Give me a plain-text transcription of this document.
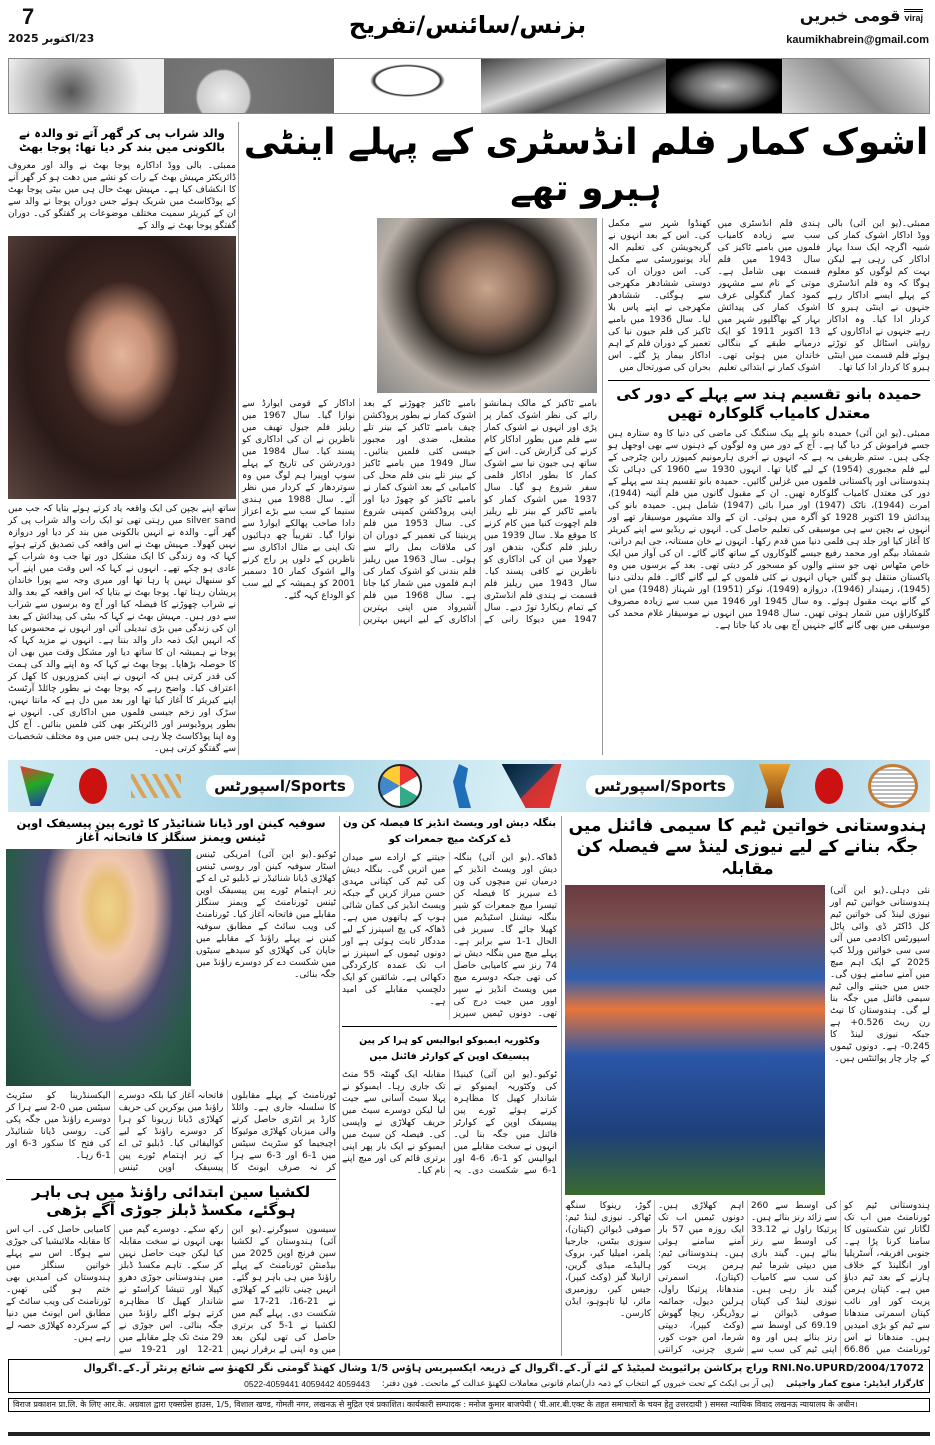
7
23/اکتوبر 2025	بزنس/سائنس/تفریح	قومی خبریں viraj
kaumikhabrein@gmail.com
والد شراب پی کر گھر آتے تو والدہ نے بالکونی میں بند کر دیا تھا: پوجا بھٹ
ممبئی۔ بالی ووڈ اداکارہ پوجا بھٹ نے والد اور معروف ڈائریکٹر مہیش بھٹ کے رات کو نشے میں دھت ہو کر گھر آنے کا انکشاف کیا ہے۔ مہیش بھٹ حال ہی میں بیٹی پوجا بھٹ کے پوڈکاسٹ میں شریک ہوئے جس دوران پوجا نے والد سے ان کے کیریئر سمیت مختلف موضوعات پر گفتگو کی۔ دوران گفتگو پوجا بھٹ نے والد کے
ساتھ اپنے بچپن کی ایک واقعہ یاد کرتے ہوئے بتایا کہ جب میں silver sand میں رہتی تھی تو ایک رات والد شراب پی کر گھر آئے۔ والدہ نے انہیں بالکونی میں بند کر دیا اور دروازہ نہیں کھولا۔ مہیش بھٹ نے اس واقعہ کی تصدیق کرتے ہوئے کہا کہ وہ زندگی کا ایک مشکل دور تھا جب وہ شراب کے عادی ہو چکے تھے۔ انہوں نے کہا کہ اس وقت میں اپنے آپ کو سنبھال نہیں پا رہا تھا اور میری وجہ سے پورا خاندان پریشان رہتا تھا۔ پوجا بھٹ نے بتایا کہ اس واقعہ کے بعد والد نے شراب چھوڑنے کا فیصلہ کیا اور آج وہ برسوں سے شراب سے دور ہیں۔ مہیش بھٹ نے کہا کہ بیٹی کی پیدائش کے بعد ان کی زندگی میں بڑی تبدیلی آئی اور انہوں نے محسوس کیا کہ انہیں ایک ذمہ دار والد بننا ہے۔ انہوں نے مزید کہا کہ پوجا نے ہمیشہ ان کا ساتھ دیا اور مشکل وقت میں بھی ان کا حوصلہ بڑھایا۔ پوجا بھٹ نے کہا کہ وہ اپنے والد کی ہمت کی قدر کرتی ہیں کہ انہوں نے اپنی کمزوریوں کا کھل کر اعتراف کیا۔ واضح رہے کہ پوجا بھٹ نے بطور چائلڈ آرٹسٹ اپنے کیریئر کا آغاز کیا تھا اور بعد میں دل ہے کہ مانتا نہیں، سڑک اور زخم جیسی فلموں میں اداکاری کی۔ انہوں نے بطور پروڈیوسر اور ڈائریکٹر بھی کئی فلمیں بنائیں۔ آج کل وہ اپنا پوڈکاسٹ چلا رہی ہیں جس میں وہ مختلف شخصیات سے گفتگو کرتی ہیں۔
اشوک کمار فلم انڈسٹری کے پہلے اینٹی ہیرو تھے
بامبے ٹاکیز کے مالک ہمانشو رائے کی نظر اشوک کمار پر پڑی اور انہوں نے اشوک کمار سے فلم میں بطور اداکار کام کرنے کی گزارش کی۔ اس کے ساتھ ہی جیون نیا سے اشوک کمار کا بطور اداکار فلمی سفر شروع ہو گیا۔ سال 1937 میں اشوک کمار کو بامبے ٹاکیز کے بینر تلے ریلیز فلم اچھوت کنیا میں کام کرنے کا موقع ملا۔ سال 1939 میں ریلیز فلم کنگن، بندھن اور جھولا میں ان کی اداکاری کو ناظرین نے کافی پسند کیا۔ سال 1943 میں ریلیز فلم قسمت نے ہندی فلم انڈسٹری کے تمام ریکارڈ توڑ دیے۔ سال 1947 میں دیوکا رانی کے بامبے ٹاکیز چھوڑنے کے بعد اشوک کمار نے بطور پروڈکشن چیف بامبے ٹاکیز کے بینر تلے مشعل، ضدی اور مجبور جیسی کئی فلمیں بنائیں۔ سال 1949 میں بامبے ٹاکیز کے بینر تلے بنی فلم محل کی کامیابی کے بعد اشوک کمار نے بامبے ٹاکیز کو چھوڑ دیا اور اپنی پروڈکشن کمپنی شروع کی۔ سال 1953 میں فلم پرینیتا کی تعمیر کے دوران ان کی ملاقات بمل رائے سے ہوئی۔ سال 1963 میں ریلیز فلم بندنی کو اشوک کمار کی اہم فلموں میں شمار کیا جاتا ہے۔ سال 1968 میں فلم آشیرواد میں اپنی بہترین اداکاری کے لیے انہیں بہترین اداکار کے قومی ایوارڈ سے نوازا گیا۔ سال 1967 میں ریلیز فلم جیول تھیف میں ناظرین نے ان کی اداکاری کو پسند کیا۔ سال 1984 میں دوردرشن کی تاریخ کے پہلے سوپ اوپیرا ہم لوگ میں وہ سوتردھار کے کردار میں نظر آئے۔ سال 1988 میں ہندی سنیما کے سب سے بڑے اعزاز دادا صاحب پھالکے ایوارڈ سے نوازا گیا۔ تقریباً چھ دہائیوں تک اپنی بے مثال اداکاری سے ناظرین کے دلوں پر راج کرنے والے اشوک کمار 10 دسمبر 2001 کو ہمیشہ کے لیے سب کو الوداع کہہ گئے۔
ممبئی۔(یو این آئی) بالی ووڈ اداکار اشوک کمار کی شبیہ اگرچہ ایک سدا بہار اداکار کی رہی ہے لیکن بہت کم لوگوں کو معلوم ہوگا کہ وہ فلم انڈسٹری کے پہلے ایسے اداکار رہے جنہوں نے اینٹی ہیرو کا کردار ادا کیا۔ وہ اداکار رہے جنہوں نے اداکاروں کے روایتی اسٹائل کو توڑتے ہوئے فلم قسمت میں اینٹی ہیرو کا کردار ادا کیا تھا۔
ہندی فلم انڈسٹری میں سب سے زیادہ کامیاب فلموں میں بامبے ٹاکیز کی سال 1943 میں فلم قسمت بھی شامل ہے۔ موتی کے نام سے مشہور کمود کمار گنگولی عرف اشوک کمار کی پیدائش بہار کے بھاگلپور شہر میں 13 اکتوبر 1911 کو ایک درمیانے طبقے کے بنگالی خاندان میں ہوئی تھی۔ اشوک کمار نے ابتدائی تعلیم
کھنڈوا شہر سے مکمل کی۔ اس کے بعد انہوں نے گریجویشن کی تعلیم الہ آباد یونیورسٹی سے مکمل کی۔ اس دوران ان کی دوستی ششادھر مکھرجی سے ہوگئی۔ ششادھر مکھرجی نے اپنے پاس بلا لیا۔ سال 1936 میں بامبے ٹاکیز کی فلم جیون نیا کی تعمیر کے دوران فلم کے اہم اداکار بیمار پڑ گئے۔ اس بحران کی صورتحال میں
حمیدہ بانو تقسیم ہند سے پہلے کے دور کی معتدل کامیاب گلوکارہ تھیں
ممبئی۔(یو این آئی) حمیدہ بانو پلے بیک سنگنگ کی ماضی کی دنیا کا وہ ستارہ ہیں جسے فراموش کر دیا گیا ہے۔ آج کے دور میں وہ لوگوں کے ذہنوں سے بھی اوجھل ہو چکی ہیں۔ ستم ظریفی یہ ہے کہ انہوں نے آخری ہارمونیم کمپوزر رابن چٹرجی کے لیے فلم مجبوری (1954) کے لیے گایا تھا۔ انہوں 1930 سے 1960 کی دہائی تک ہندوستانی اور پاکستانی فلموں میں غزلیں گائیں۔ حمیدہ بانو تقسیم ہند سے پہلے کے دور کی معتدل کامیاب گلوکارہ تھیں۔ ان کے مقبول گانوں میں فلم آئینہ (1944)، امرت (1944)، ناٹک (1947) اور میرا بائی (1947) شامل ہیں۔ حمیدہ بانو کی پیدائش 19 اکتوبر 1928 کو آگرہ میں ہوئی۔ ان کے والد مشہور موسیقار تھے اور انہوں نے بچپن سے ہی موسیقی کی تعلیم حاصل کی۔ انہوں نے ریڈیو سے اپنے کیریئر کا آغاز کیا اور جلد ہی فلمی دنیا میں قدم رکھا۔ انہوں نے خان مستانہ، جی ایم درانی، شمشاد بیگم اور محمد رفیع جیسے گلوکاروں کے ساتھ گانے گائے۔ ان کی آواز میں ایک خاص مٹھاس تھی جو سننے والوں کو مسحور کر دیتی تھی۔ بعد کے برسوں میں وہ پاکستان منتقل ہو گئیں جہاں انہوں نے کئی فلموں کے لیے گانے گائے۔ فلم بدلتی دنیا (1945)، زمیندار (1946)، دروازہ (1949)، نوکر (1951) اور شہناز (1948) میں ان کے گانے بہت مقبول ہوئے۔ وہ سال 1945 اور 1946 میں سب سے زیادہ مصروف گلوکاراؤں میں شمار ہوتی تھیں۔ سال 1948 میں انہوں نے موسیقار غلام محمد کی موسیقی میں بھی گانے گائے جنہیں آج بھی یاد کیا جاتا ہے۔
اسپورٹس/Sports	اسپورٹس/Sports
ہندوستانی خواتین ٹیم کا سیمی فائنل میں جگہ بنانے کے لیے نیوزی لینڈ سے فیصلہ کن مقابلہ
نئی دہلی۔(یو این آئی) ہندوستانی خواتین ٹیم اور نیوزی لینڈ کی خواتین ٹیم کل ڈاکٹر ڈی وائی پاٹل اسپورٹس اکادمی میں آئی سی سی خواتین ورلڈ کپ 2025 کے ایک اہم میچ میں آمنے سامنے ہوں گی۔ جس میں جیتنے والی ٹیم سیمی فائنل میں جگہ بنا لے گی۔ ہندوستان کا نیٹ رن ریٹ 0.526+ ہے جبکہ نیوزی لینڈ کا 0.245- ہے۔ دونوں ٹیموں کے چار چار پوائنٹس ہیں۔
ہندوستانی ٹیم کو ٹورنامنٹ میں اب تک لگاتار تین شکستوں کا سامنا کرنا پڑا ہے۔ جنوبی افریقہ، آسٹریلیا اور انگلینڈ کے خلاف ہارنے کے بعد ٹیم دباؤ میں ہے۔ کپتان ہرمن پریت کور اور نائب کپتان اسمرتی مندھانا سے ٹیم کو بڑی امیدیں ہیں۔ مندھانا نے اس ٹورنامنٹ میں 66.86 کی اوسط سے 260 سے زائد رنز بنائے ہیں۔ پرتیکا راول نے 33.12 کی اوسط سے رنز بنائے ہیں۔ گیند بازی میں دیپتی شرما ٹیم کی سب سے کامیاب گیند باز رہی ہیں۔ نیوزی لینڈ کی کپتان صوفی ڈیوائن نے 69.19 کی اوسط سے رنز بنائے ہیں اور وہ اپنی ٹیم کی سب سے اہم کھلاڑی ہیں۔ دونوں ٹیمیں اب تک ایک روزہ میں 57 بار آمنے سامنے ہوئی ہیں۔ ہندوستانی ٹیم: ہرمن پریت کور (کپتان)، اسمرتی مندھانا، پرتیکا راول، ہرلین دیول، جمائمہ روڈریگز، ریچا گھوش (وکٹ کیپر)، دیپتی شرما، امن جوت کور، شری چرنی، کرانتی گوڑ، رینوکا سنگھ ٹھاکر۔ نیوزی لینڈ ٹیم: صوفی ڈیوائن (کپتان)، سوزی بیٹس، جارجیا پلمر، امیلیا کیر، بروک ہالیڈے، میڈی گرین، ازابیلا گیز (وکٹ کیپر)، جیس کیر، روزمیری مائر، لیا تاہوہو، ایڈن کارسن۔
بنگلہ دیش اور ویسٹ انڈیز کا فیصلہ کن ون ڈے کرکٹ میچ جمعرات کو
ڈھاکہ۔(یو این آئی) بنگلہ دیش اور ویسٹ انڈیز کے درمیان تین میچوں کی ون ڈے سیریز کا فیصلہ کن تیسرا میچ جمعرات کو شیر بنگلہ نیشنل اسٹیڈیم میں کھیلا جائے گا۔ سیریز فی الحال 1-1 سے برابر ہے۔ پہلے میچ میں بنگلہ دیش نے 74 رنز سے کامیابی حاصل کی تھی جبکہ دوسرے میچ میں ویسٹ انڈیز نے سپر اوور میں جیت درج کی تھی۔ دونوں ٹیمیں سیریز جیتنے کے ارادے سے میدان میں اتریں گی۔ بنگلہ دیش کی ٹیم کی کپتانی مہدی حسن میراز کریں گے جبکہ ویسٹ انڈیز کی کمان شائی ہوپ کے ہاتھوں میں ہے۔ ڈھاکہ کی پچ اسپنرز کے لیے مددگار ثابت ہوئی ہے اور دونوں ٹیموں کے اسپنرز نے اب تک عمدہ کارکردگی دکھائی ہے۔ شائقین کو ایک دلچسپ مقابلے کی امید ہے۔
وکٹوریہ ایمبوکو ایوالیس کو ہرا کر پین پیسیفک اوپن کے کوارٹر فائنل میں
ٹوکیو۔(یو این آئی) کینیڈا کی وکٹوریہ ایمبوکو نے شاندار کھیل کا مظاہرہ کرتے ہوئے ٹورے پین پیسیفک اوپن کے کوارٹر فائنل میں جگہ بنا لی۔ انہوں نے سخت مقابلے میں ایوالیس کو 1-6، 6-4 اور 1-6 سے شکست دی۔ یہ مقابلہ ایک گھنٹہ 55 منٹ تک جاری رہا۔ ایمبوکو نے پہلا سیٹ آسانی سے جیت لیا لیکن دوسرے سیٹ میں حریف کھلاڑی نے واپسی کی۔ فیصلہ کن سیٹ میں ایمبوکو نے ایک بار پھر اپنی برتری قائم کی اور میچ اپنے نام کیا۔
سوفیہ کینن اور ڈیانا شنائیڈر کا ٹورے پین پیسیفک اوپن ٹینس ویمنز سنگلز کا فاتحانہ آغاز
ٹوکیو۔(یو این آئی) امریکی ٹینس اسٹار سوفیہ کینن اور روسی ٹینس کھلاڑی ڈیانا شنائیڈر نے ڈبلیو ٹی اے کے زیر اہتمام ٹورے پین پیسیفک اوپن ٹینس ٹورنامنٹ کے ویمنز سنگلز مقابلے میں فاتحانہ آغاز کیا۔ ٹورنامنٹ کی ویب سائٹ کے مطابق سوفیہ کینن نے پہلے راؤنڈ کے مقابلے میں جاپان کی کھلاڑی کو سیدھے سیٹوں میں شکست دے کر دوسرے راؤنڈ میں جگہ بنائی۔
ٹورنامنٹ کے پہلے مقابلوں کا سلسلہ جاری ہے۔ وائلڈ کارڈ پر انٹری حاصل کرنے والی میزبان کھلاڑی موئیوکا اچیجیما کو سٹریٹ سیٹس میں 1-6 اور 3-6 سے ہرا کر نہ صرف ایونٹ کا فاتحانہ آغاز کیا بلکہ دوسرے راؤنڈ میں یوکرین کی حریف کھلاڑی ڈیانا زریونا کو ہرا کر دوسرے راؤنڈ کے لیے کوالیفائی کیا۔ ڈبلیو ٹی اے کے زیر اہتمام ٹورے پین پیسیفک اوپن ٹینس الیکسنڈرینا کو سٹریٹ سیٹس میں 0-2 سے ہرا کر دوسرے راؤنڈ میں جگہ پکی کی۔ روسی ڈیانا شنائیڈر کی فتح کا سکور 3-6 اور 1-6 رہا۔
لکشیا سین ابتدائی راؤنڈ میں ہی باہر ہوگئے، مکسڈ ڈبلز جوڑی آگے بڑھی
سیسون سیوگرنے۔(یو این آئی) ہندوستان کے لکشیا سین فرنچ اوپن 2025 میں بیڈمنٹن ٹورنامنٹ کے پہلے راؤنڈ میں ہی باہر ہو گئے۔ انہیں چینی تائپے کے کھلاڑی نے 21-16، 21-17 سے شکست دی۔ پہلے گیم میں لکشیا نے 1-5 کی برتری حاصل کی تھی لیکن بعد میں وہ اپنی لے برقرار نہیں رکھ سکے۔ دوسرے گیم میں بھی انہوں نے سخت مقابلہ کیا لیکن جیت حاصل نہیں کر سکے۔ تاہم مکسڈ ڈبلز میں ہندوستانی جوڑی دھرو کپیلا اور تنیشا کراسٹو نے شاندار کھیل کا مظاہرہ کرتے ہوئے اگلے راؤنڈ میں جگہ بنائی۔ اس جوڑی نے 29 منٹ تک چلے مقابلے میں 21-12 اور 21-19 سے کامیابی حاصل کی۔ اب اس کا مقابلہ ملائیشیا کی جوڑی سے ہوگا۔ اس سے پہلے خواتین سنگلز میں ہندوستان کی امیدیں بھی ختم ہو گئی تھیں۔ ٹورنامنٹ کی ویب سائٹ کے مطابق اس ایونٹ میں دنیا کے سرکردہ کھلاڑی حصہ لے رہے ہیں۔
RNI.No.UPURD/2004/17072 وراج پرکاشن پرائیویٹ لمیٹیڈ کے لئے آر۔کے۔اگروال کے ذریعہ ایکسپریس ہاؤس 1/5 وشال کھنڈ گومتی نگر لکھنؤ سے شائع پرنٹر آر۔کے۔اگروال
کارگزار ایڈیٹر: منوج کمار واجپئی
(پی آر بی ایکٹ کے تحت خبروں کے انتخاب کے ذمہ دار)تمام قانونی معاملات لکھنؤ عدالت کے ماتحت۔ فون دفتر:
0522-4059441 4059442 4059443
विराज प्रकाशन प्रा.लि. के लिए आर.के. अग्रवाल द्वारा एक्सप्रेस हाउस, 1/5, विशाल खण्ड, गोमती नगर, लखनऊ से मुद्रित एवं प्रकाशित। कार्यकारी सम्पादक : मनोज कुमार बाजपेयी ( पी.आर.बी.एक्ट के तहत समाचारों के चयन हेतु उत्तरदायी ) समस्त न्यायिक विवाद लखनऊ न्यायालय के अधीन।
